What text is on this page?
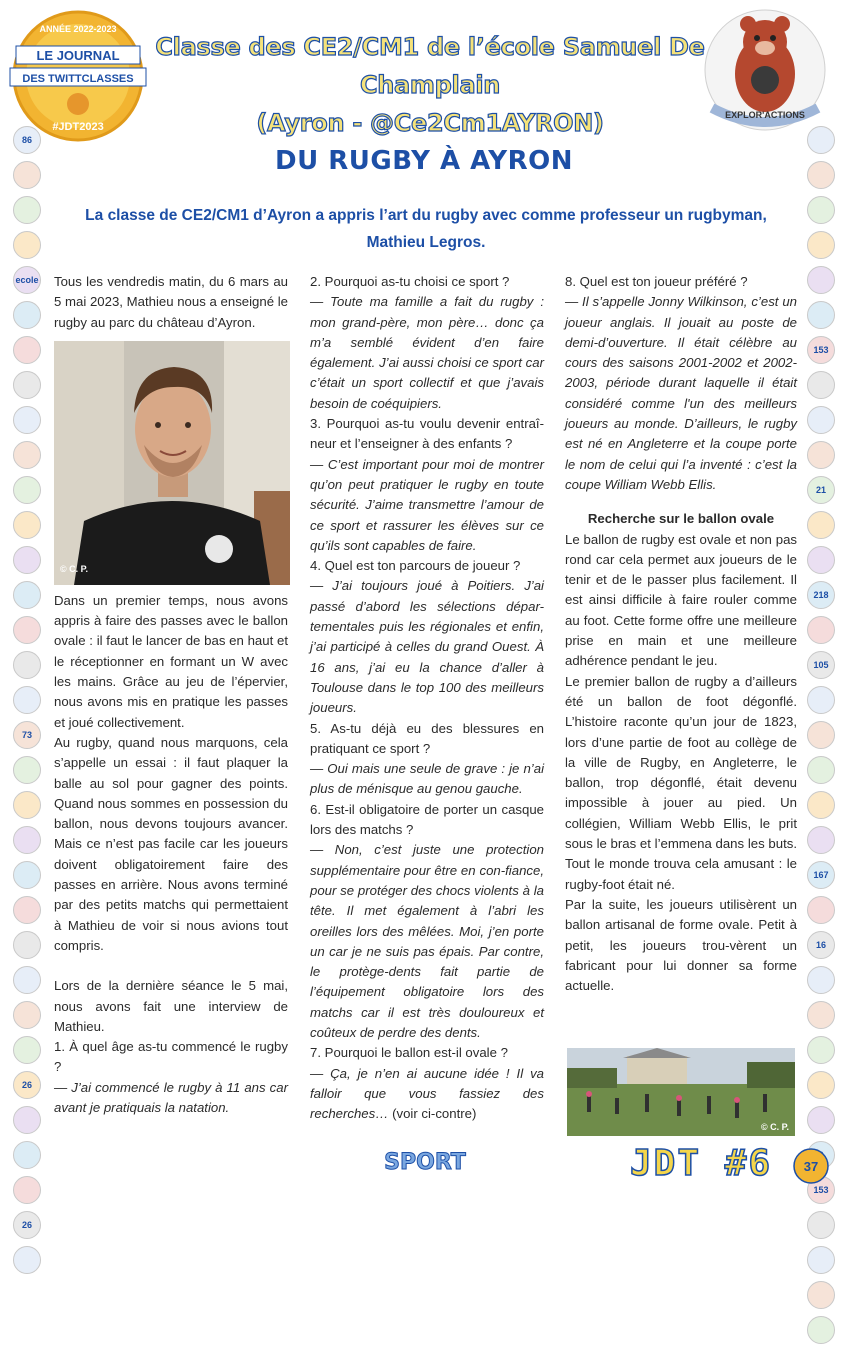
ANNÉE 2022-2023
LE JOURNAL
DES TWITTCLASSES
#JDT2023
Classe des CE2/CM1 de l’école Samuel De Champlain
(Ayron - @Ce2Cm1AYRON)	EXPLOR'ACTIONS
86
ecole
73
26
26
153
21
218
105
167
16
153
DU RUGBY À AYRON
La classe de CE2/CM1 d’Ayron a appris l’art du rugby avec comme professeur un rugbyman, Mathieu Legros.

Tous les vendredis matin, du 6 mars au 5 mai 2023, Mathieu nous a enseigné le rugby au parc du château d’Ayron.

© C. P.

Dans un premier temps, nous avons appris à faire des passes avec le ballon ovale : il faut le lancer de bas en haut et le réceptionner en formant un W avec les mains. Grâce au jeu de l’épervier, nous avons mis en pratique les passes et joué collectivement.

Au rugby, quand nous marquons, cela s’appelle un essai : il faut plaquer la balle au sol pour gagner des points. Quand nous sommes en possession du ballon, nous devons toujours avancer. Mais ce n’est pas facile car les joueurs doivent obligatoirement faire des passes en arrière. Nous avons terminé par des petits matchs qui permettaient à Mathieu de voir si nous avions tout compris.

Lors de la dernière séance le 5 mai, nous avons fait une interview de Mathieu.

1. À quel âge as-tu commencé le rugby ?

— J’ai commencé le rugby à 11 ans car avant je pratiquais la natation.

2. Pourquoi as-tu choisi ce sport ?

— Toute ma famille a fait du rugby : mon grand-père, mon père… donc ça m’a semblé évident d’en faire également. J’ai aussi choisi ce sport car c’était un sport collectif et que j’avais besoin de coéquipiers.

3. Pourquoi as-tu voulu devenir entraî-neur et l’enseigner à des enfants ?

— C’est important pour moi de montrer qu’on peut pratiquer le rugby en toute sécurité. J’aime transmettre l’amour de ce sport et rassurer les élèves sur ce qu’ils sont capables de faire.

4. Quel est ton parcours de joueur ?

— J’ai toujours joué à Poitiers. J’ai passé d’abord les sélections dépar-tementales puis les régionales et enfin, j’ai participé à celles du grand Ouest. À 16 ans, j’ai eu la chance d’aller à Toulouse dans le top 100 des meilleurs joueurs.

5. As-tu déjà eu des blessures en pratiquant ce sport ?

— Oui mais une seule de grave : je n’ai plus de ménisque au genou gauche.

6. Est-il obligatoire de porter un casque lors des matchs ?

— Non, c’est juste une protection supplémentaire pour être en con-fiance, pour se protéger des chocs violents à la tête. Il met également à l’abri les oreilles lors des mêlées. Moi, j’en porte un car je ne suis pas épais. Par contre, le protège-dents fait partie de l’équipement obligatoire lors des matchs car il est très douloureux et coûteux de perdre des dents.

7. Pourquoi le ballon est-il ovale ?

— Ça, je n’en ai aucune idée ! Il va falloir que vous fassiez des recherches… (voir ci-contre)

8. Quel est ton joueur préféré ?

— Il s’appelle Jonny Wilkinson, c’est un joueur anglais. Il jouait au poste de demi-d’ouverture. Il était célèbre au cours des saisons 2001-2002 et 2002-2003, période durant laquelle il était considéré comme l'un des meilleurs joueurs au monde. D’ailleurs, le rugby est né en Angleterre et la coupe porte le nom de celui qui l’a inventé : c’est la coupe William Webb Ellis.

Recherche sur le ballon ovale

Le ballon de rugby est ovale et non pas rond car cela permet aux joueurs de le tenir et de le passer plus facilement. Il est ainsi difficile à faire rouler comme au foot. Cette forme offre une meilleure prise en main et une meilleure adhérence pendant le jeu.

Le premier ballon de rugby a d’ailleurs été un ballon de foot dégonflé. L’histoire raconte qu’un jour de 1823, lors d’une partie de foot au collège de la ville de Rugby, en Angleterre, le ballon, trop dégonflé, était devenu impossible à jouer au pied. Un collégien, William Webb Ellis, le prit sous le bras et l’emmena dans les buts. Tout le monde trouva cela amusant : le rugby-foot était né.

Par la suite, les joueurs utilisèrent un ballon artisanal de forme ovale. Petit à petit, les joueurs trou-vèrent un fabricant pour lui donner sa forme actuelle.

© C. P.
SPORT	JDT #6 37
